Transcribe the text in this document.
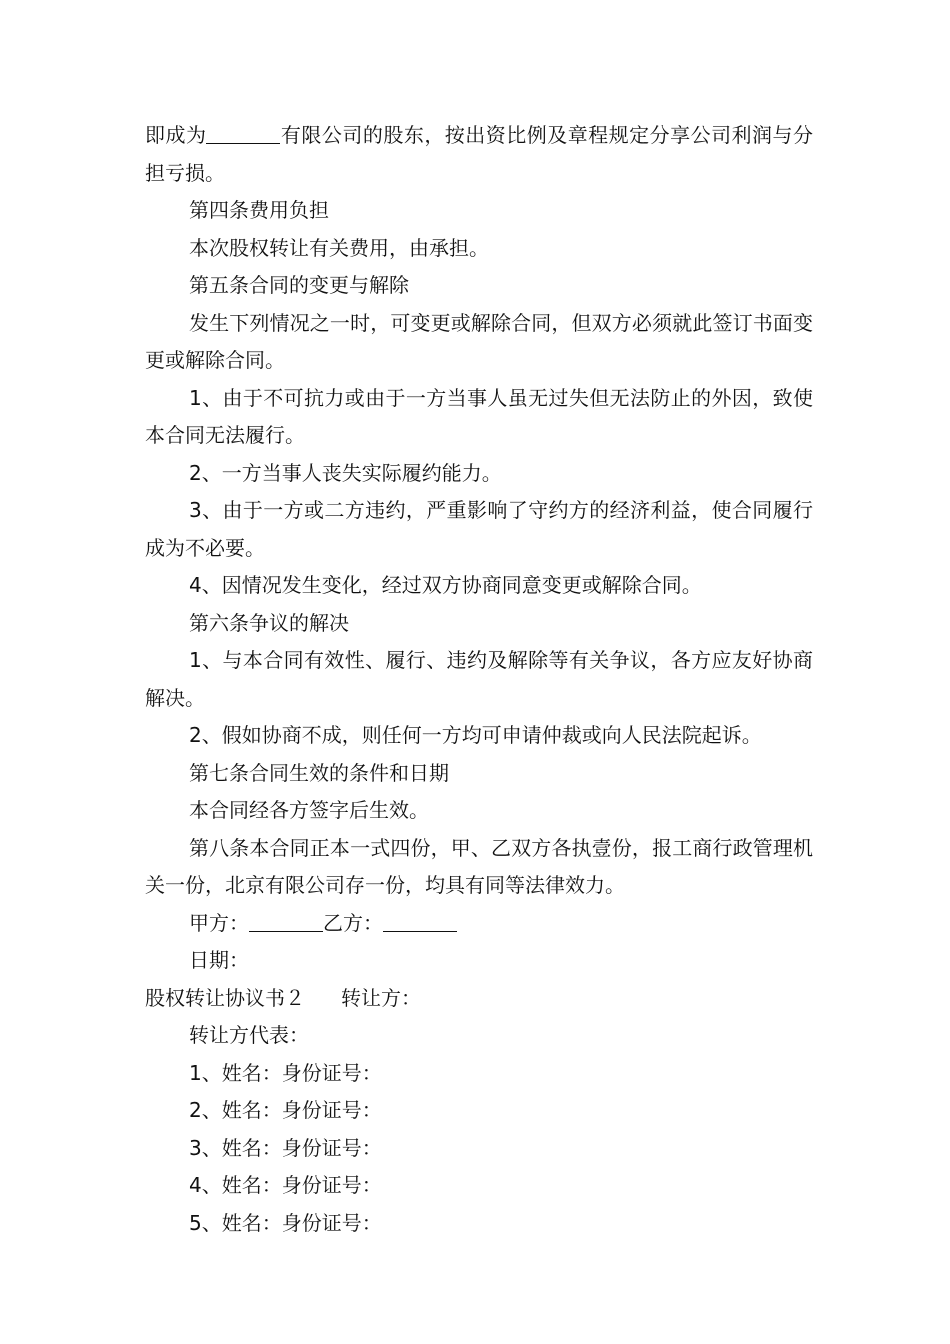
即成为	有限公司的股东，按出资比例及章程规定分享公司利润与分担亏损。

第四条费用负担

本次股权转让有关费用，由承担。

第五条合同的变更与解除

发生下列情况之一时，可变更或解除合同，但双方必须就此签订书面变更或解除合同。

1、由于不可抗力或由于一方当事人虽无过失但无法防止的外因，致使本合同无法履行。

2、一方当事人丧失实际履约能力。

3、由于一方或二方违约，严重影响了守约方的经济利益，使合同履行成为不必要。

4、因情况发生变化，经过双方协商同意变更或解除合同。

第六条争议的解决

1、与本合同有效性、履行、违约及解除等有关争议，各方应友好协商解决。

2、假如协商不成，则任何一方均可申请仲裁或向人民法院起诉。

第七条合同生效的条件和日期

本合同经各方签字后生效。

第八条本合同正本一式四份，甲、乙双方各执壹份，报工商行政管理机关一份，北京有限公司存一份，均具有同等法律效力。

甲方：	乙方：

日期：

股权转让协议书２ 转让方：

转让方代表：

1、姓名：身份证号：

2、姓名：身份证号：

3、姓名：身份证号：

4、姓名：身份证号：

5、姓名：身份证号：
